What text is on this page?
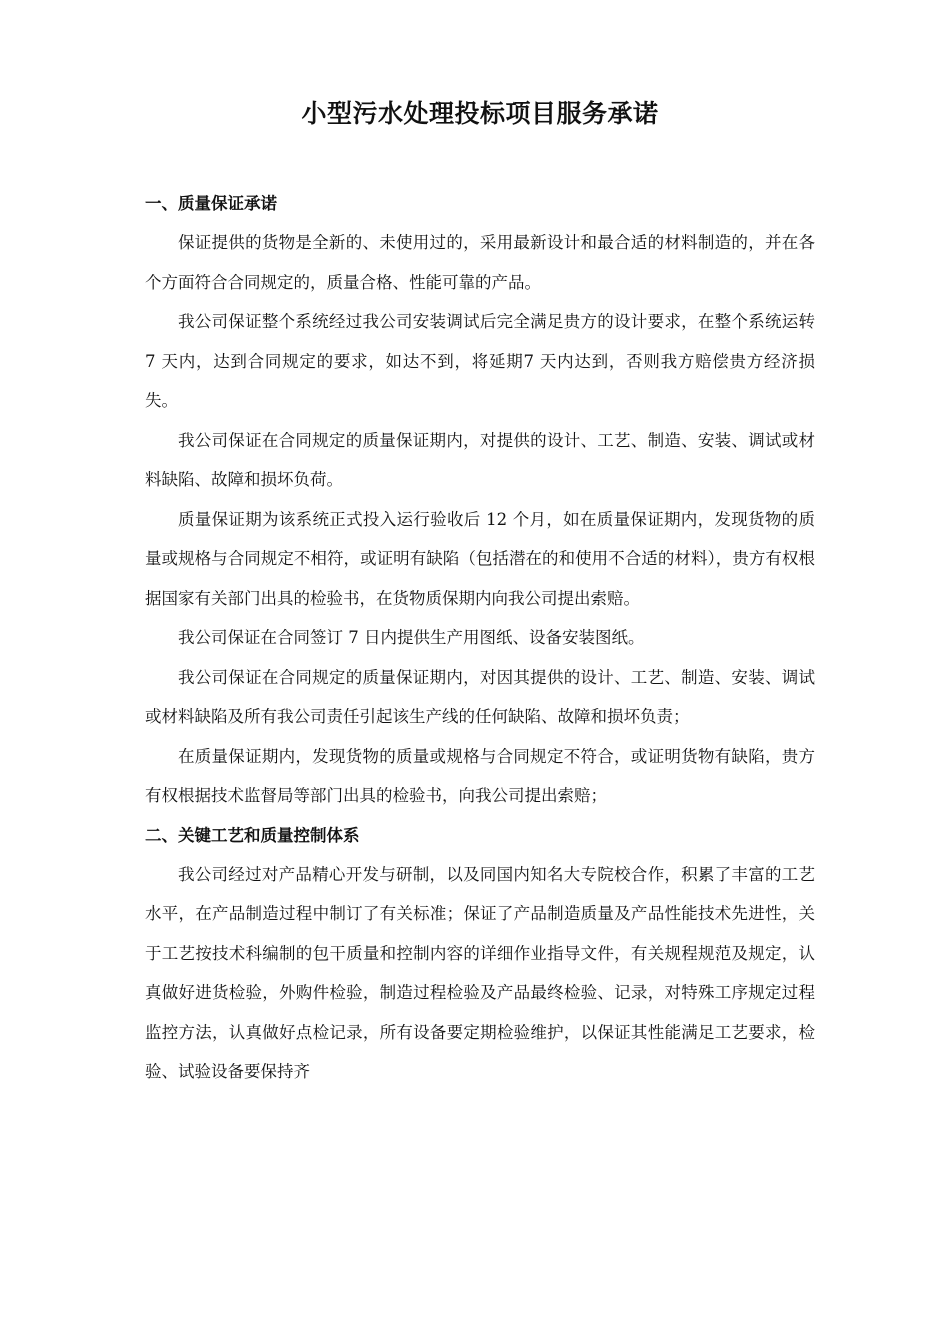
小型污水处理投标项目服务承诺
一、质量保证承诺

保证提供的货物是全新的、未使用过的，采用最新设计和最合适的材料制造的，并在各个方面符合合同规定的，质量合格、性能可靠的产品。

我公司保证整个系统经过我公司安装调试后完全满足贵方的设计要求，在整个系统运转 7 天内，达到合同规定的要求，如达不到，将延期7 天内达到，否则我方赔偿贵方经济损失。

我公司保证在合同规定的质量保证期内，对提供的设计、工艺、制造、安装、调试或材料缺陷、故障和损坏负荷。

质量保证期为该系统正式投入运行验收后 12 个月，如在质量保证期内，发现货物的质量或规格与合同规定不相符，或证明有缺陷（包括潜在的和使用不合适的材料），贵方有权根据国家有关部门出具的检验书，在货物质保期内向我公司提出索赔。

我公司保证在合同签订 7 日内提供生产用图纸、设备安装图纸。

我公司保证在合同规定的质量保证期内，对因其提供的设计、工艺、制造、安装、调试或材料缺陷及所有我公司责任引起该生产线的任何缺陷、故障和损坏负责；

在质量保证期内，发现货物的质量或规格与合同规定不符合，或证明货物有缺陷，贵方有权根据技术监督局等部门出具的检验书，向我公司提出索赔；

二、关键工艺和质量控制体系

我公司经过对产品精心开发与研制，以及同国内知名大专院校合作，积累了丰富的工艺水平，在产品制造过程中制订了有关标准；保证了产品制造质量及产品性能技术先进性，关于工艺按技术科编制的包干质量和控制内容的详细作业指导文件，有关规程规范及规定，认真做好进货检验，外购件检验，制造过程检验及产品最终检验、记录，对特殊工序规定过程监控方法，认真做好点检记录，所有设备要定期检验维护，以保证其性能满足工艺要求，检验、试验设备要保持齐
